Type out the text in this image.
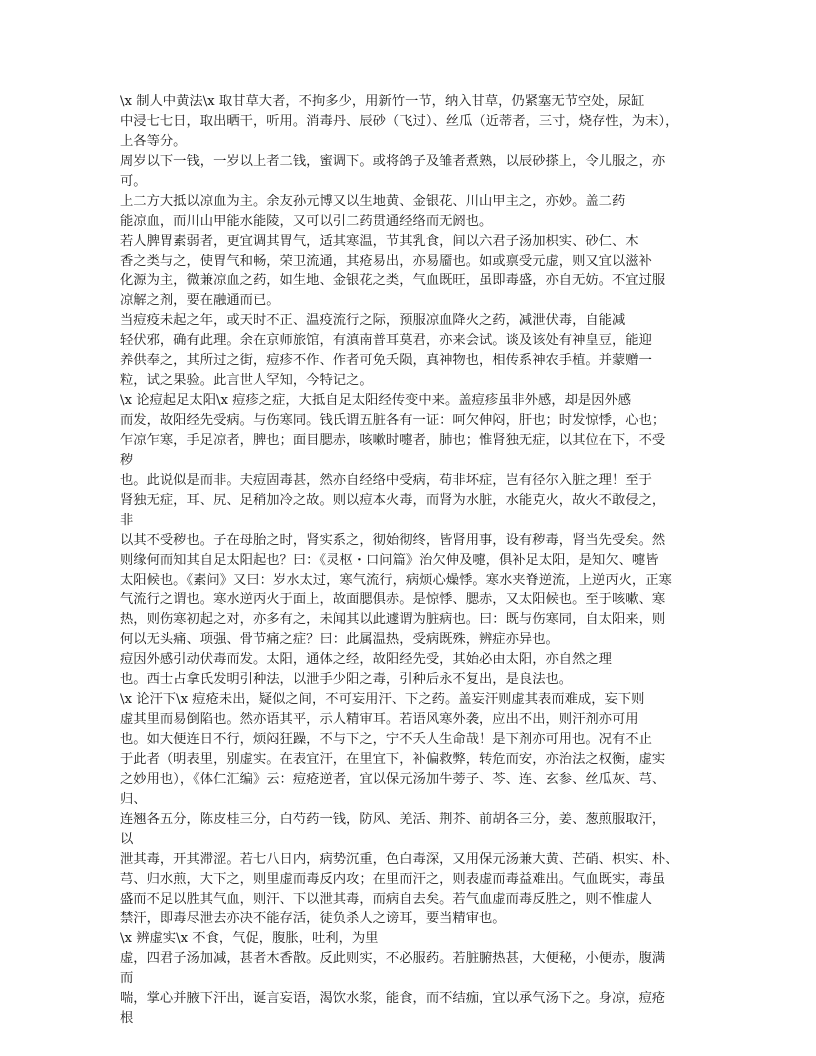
\x 制人中黄法\x 取甘草大者，不拘多少，用新竹一节，纳入甘草，仍紧塞无节空处，尿缸
中浸七七日，取出晒干，听用。消毒丹、辰砂（飞过）、丝瓜（近蒂者，三寸，烧存性，为末），
上各等分。
周岁以下一钱，一岁以上者二钱，蜜调下。或将鸽子及雏者煮熟，以辰砂搽上，令儿服之，亦
可。
上二方大抵以凉血为主。余友孙元博又以生地黄、金银花、川山甲主之，亦妙。盖二药
能凉血，而川山甲能水能陵，又可以引二药贯通经络而无阏也。
若人脾胃素弱者，更宜调其胃气，适其寒温，节其乳食，间以六君子汤加枳实、砂仁、木
香之类与之，使胃气和畅，荣卫流通，其疮易出，亦易靥也。如或禀受元虚，则又宜以滋补
化源为主，微兼凉血之药，如生地、金银花之类，气血既旺，虽即毒盛，亦自无妨。不宜过服
凉解之剂，要在融通而已。
当痘疫未起之年，或天时不正、温疫流行之际，预服凉血降火之药，减泄伏毒，自能减
轻伏邪，确有此理。余在京师旅馆，有滇南普耳莫君，亦来会试。谈及该处有神皇豆，能迎
养供奉之，其所过之街，痘疹不作、作者可免夭陨，真神物也，相传系神农手植。并蒙赠一
粒，试之果验。此言世人罕知，今特记之。
\x 论痘起足太阳\x 痘疹之症，大抵自足太阳经传变中来。盖痘疹虽非外感，却是因外感
而发，故阳经先受病。与伤寒同。钱氏谓五脏各有一证：呵欠伸闷，肝也；时发惊悸，心也；
乍凉乍寒，手足凉者，脾也；面目腮赤，咳嗽时嚏者，肺也；惟肾独无症，以其位在下，不受
秽
也。此说似是而非。夫痘固毒甚，然亦自经络中受病，苟非坏症，岂有径尔入脏之理！至于
肾独无症，耳、尻、足稍加冷之故。则以痘本火毒，而肾为水脏，水能克火，故火不敢侵之，
非
以其不受秽也。子在母胎之时，肾实系之，彻始彻终，皆肾用事，设有秽毒，肾当先受矣。然
则缘何而知其自足太阳起也？曰：《灵枢・口问篇》治欠伸及嚏，俱补足太阳，是知欠、嚏皆
太阳候也。《素问》又曰：岁水太过，寒气流行，病烦心燥悸。寒水夹脊逆流，上逆丙火，正寒
气流行之谓也。寒水逆丙火于面上，故面腮俱赤。是惊悸、腮赤，又太阳候也。至于咳嗽、寒
热，则伤寒初起之对，亦多有之，未闻其以此遽谓为脏病也。曰：既与伤寒同，自太阳来，则
何以无头痛、项强、骨节痛之症？曰：此属温热，受病既殊，辨症亦异也。
痘因外感引动伏毒而发。太阳，通体之经，故阳经先受，其始必由太阳，亦自然之理
也。西士占拿氏发明引种法，以泄手少阳之毒，引种后永不复出，是良法也。
\x 论汗下\x 痘疮未出，疑似之间，不可妄用汗、下之药。盖妄汗则虚其表而难成，妄下则
虚其里而易倒陷也。然亦语其平，示人精审耳。若语风寒外袭，应出不出，则汗剂亦可用
也。如大便连日不行，烦闷狂躁，不与下之，宁不夭人生命哉！是下剂亦可用也。况有不止
于此者（明表里，别虚实。在表宜汗，在里宜下，补偏救弊，转危而安，亦治法之权衡，虚实
之妙用也），《体仁汇编》云：痘疮逆者，宜以保元汤加牛蒡子、芩、连、玄参、丝瓜灰、芎、
归、
连翘各五分，陈皮桂三分，白芍药一钱，防风、羌活、荆芥、前胡各三分，姜、葱煎服取汗，
以
泄其毒，开其滞涩。若七八日内，病势沉重，色白毒深，又用保元汤兼大黄、芒硝、枳实、朴、
芎、归水煎，大下之，则里虚而毒反内攻；在里而汗之，则表虚而毒益难出。气血既实，毒虽
盛而不足以胜其气血，则汗、下以泄其毒，而病自去矣。若气血虚而毒反胜之，则不惟虚人
禁汗，即毒尽泄去亦决不能存活，徒负杀人之谤耳，要当精审也。
\x 辨虚实\x 不食，气促，腹胀，吐利，为里
虚，四君子汤加减，甚者木香散。反此则实，不必服药。若脏腑热甚，大便秘，小便赤，腹满
而
喘，掌心并腋下汗出，诞言妄语，渴饮水浆，能食，而不结痂，宜以承气汤下之。身凉，痘疮
根
